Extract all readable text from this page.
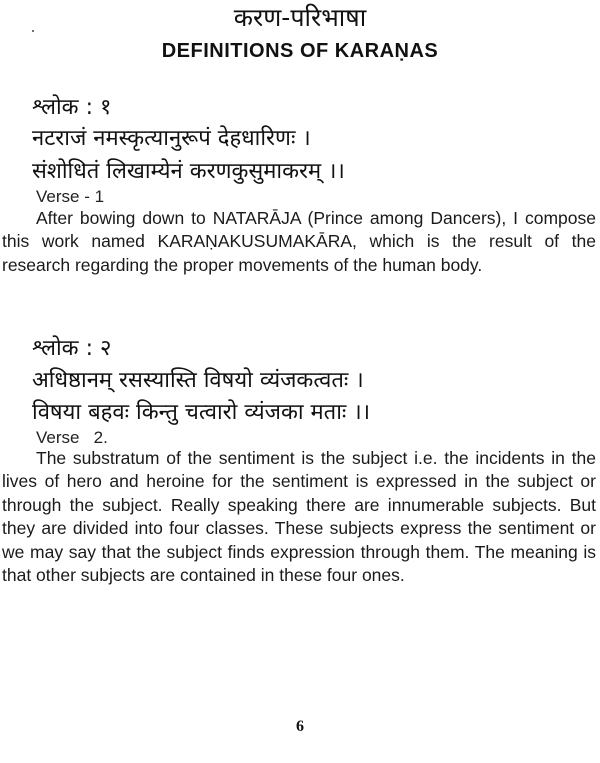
करण-परिभाषा
DEFINITIONS OF KARAṆAS
श्लोक : १
नटराजं नमस्कृत्यानुरूपं देहधारिणः ।
संशोधितं लिखाम्येनं करणकुसुमाकरम् ।।
Verse - 1
After bowing down to NATARĀJA (Prince among Dancers), I compose this work named KARAṆAKUSUMAKĀRA, which is the result of the research regarding the proper movements of the human body.
श्लोक : २
अधिष्ठानम् रसस्यास्ति विषयो व्यंजकत्वतः ।
विषया बहवः किन्तु चत्वारो व्यंजका मताः ।।
Verse   2.
The substratum of the sentiment is the subject i.e. the incidents in the lives of hero and heroine for the sentiment is expressed in the subject or through the subject. Really speaking there are innumerable subjects. But they are divided into four classes. These subjects express the sentiment or we may say that the subject finds expression through them. The meaning is that other subjects are contained in these four ones.
6
